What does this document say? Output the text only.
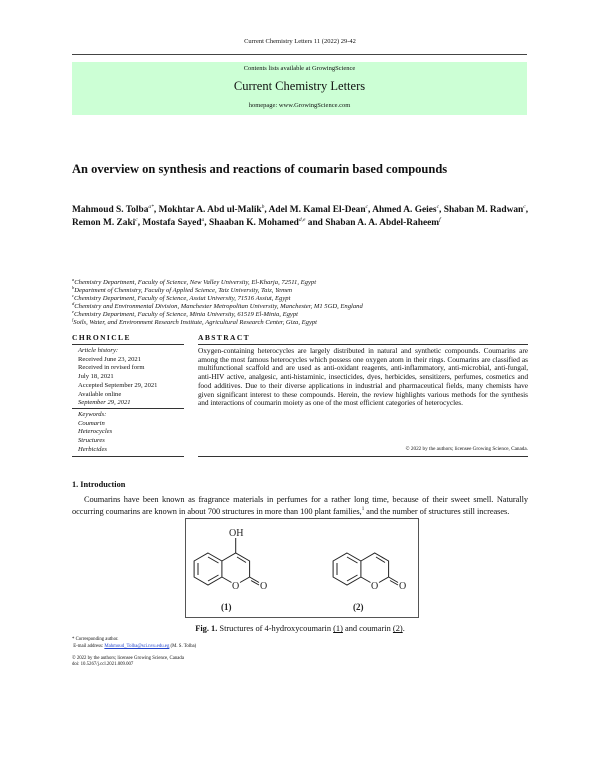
Current Chemistry Letters 11 (2022) 29-42
Contents lists available at GrowingScience
Current Chemistry Letters
homepage: www.GrowingScience.com
An overview on synthesis and reactions of coumarin based compounds
Mahmoud S. Tolba$^{a*}$, Mokhtar A. Abd ul-Malik$^b$, Adel M. Kamal El-Dean$^c$, Ahmed A. Geies$^c$, Shaban M. Radwan$^c$, Remon M. Zaki$^c$, Mostafa Sayed$^a$, Shaaban K. Mohamed$^{d,e}$ and Shaban A. A. Abdel-Raheem$^f$
$^a$Chemistry Department, Faculty of Science, New Valley University, El-Kharja, 72511, Egypt
$^b$Department of Chemistry, Faculty of Applied Science, Taiz University, Taiz, Yemen
$^c$Chemistry Department, Faculty of Science, Assiut University, 71516 Assiut, Egypt
$^d$Chemistry and Environmental Division, Manchester Metropolitan University, Manchester, M1 5GD, England
$^e$Chemistry Department, Faculty of Science, Minia University, 61519 El-Minia, Egypt
$^f$Soils, Water, and Environment Research Institute, Agricultural Research Center, Giza, Egypt
CHRONICLE
Article history:
Received June 23, 2021
Received in revised form
July 18, 2021
Accepted September 29, 2021
Available online
September 29, 2021
Keywords:
Coumarin
Heterocycles
Structures
Herbicides
ABSTRACT
Oxygen-containing heterocycles are largely distributed in natural and synthetic compounds. Coumarins are among the most famous heterocycles which possess one oxygen atom in their rings. Coumarins are classified as multifunctional scaffold and are used as anti-oxidant reagents, anti-inflammatory, anti-microbial, anti-fungal, anti-HIV active, analgesic, anti-histaminic, insecticides, dyes, herbicides, sensitizers, perfumes, cosmetics and food additives. Due to their diverse applications in industrial and pharmaceutical fields, many chemists have given significant interest to these compounds. Herein, the review highlights various methods for the synthesis and interactions of coumarin moiety as one of the most efficient categories of heterocycles.
© 2022 by the authors; licensee Growing Science, Canada.
1. Introduction
Coumarins have been known as fragrance materials in perfumes for a rather long time, because of their sweet smell. Naturally occurring coumarins are known in about 700 structures in more than 100 plant families,$^1$ and the number of structures still increases.
OH
O O
(1)
O O
(2)
Fig. 1. Structures of 4-hydroxycoumarin (1) and coumarin (2).
* Corresponding author.
E-mail address: Mahmoud_Tolba@sci.nvu.edu.eg (M. S. Tolba)
© 2022 by the authors; licensee Growing Science, Canada
doi: 10.5267/j.ccl.2021.009.007
